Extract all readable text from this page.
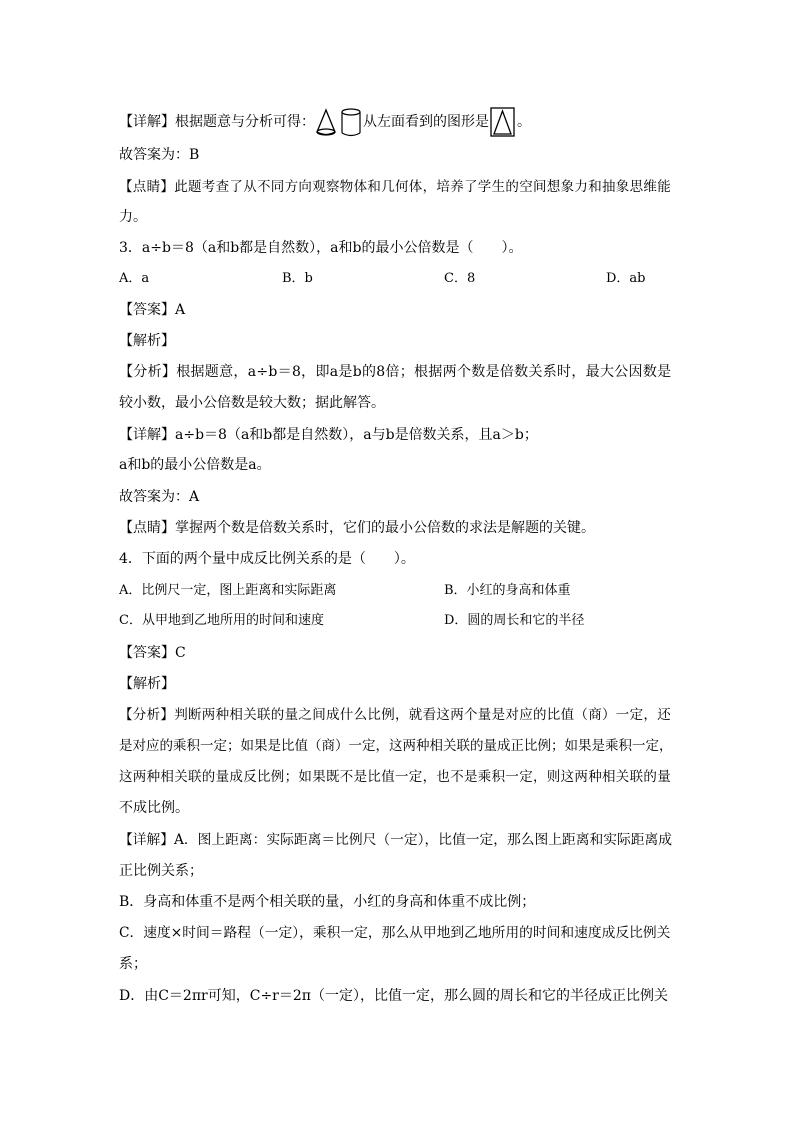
【详解】根据题意与分析可得：	从左面看到的图形是 。
故答案为：B
【点睛】此题考查了从不同方向观察物体和几何体，培养了学生的空间想象力和抽象思维能
力。
3．a÷b＝8（a和b都是自然数），a和b的最小公倍数是（　　）。
A．a	B．b	C．8	D．ab
【答案】A
【解析】
【分析】根据题意，a÷b＝8，即a是b的8倍；根据两个数是倍数关系时，最大公因数是
较小数，最小公倍数是较大数；据此解答。
【详解】a÷b＝8（a和b都是自然数），a与b是倍数关系，且a＞b；
a和b的最小公倍数是a。
故答案为：A
【点睛】掌握两个数是倍数关系时，它们的最小公倍数的求法是解题的关键。
4．下面的两个量中成反比例关系的是（　　）。
A．比例尺一定，图上距离和实际距离	B．小红的身高和体重
C．从甲地到乙地所用的时间和速度	D．圆的周长和它的半径
【答案】C
【解析】
【分析】判断两种相关联的量之间成什么比例，就看这两个量是对应的比值（商）一定，还
是对应的乘积一定；如果是比值（商）一定，这两种相关联的量成正比例；如果是乘积一定，
这两种相关联的量成反比例；如果既不是比值一定，也不是乘积一定，则这两种相关联的量
不成比例。
【详解】A．图上距离：实际距离＝比例尺（一定），比值一定，那么图上距离和实际距离成
正比例关系；
B．身高和体重不是两个相关联的量，小红的身高和体重不成比例；
C．速度×时间＝路程（一定），乘积一定，那么从甲地到乙地所用的时间和速度成反比例关
系；
D．由C＝2πr可知，C÷r＝2π（一定），比值一定，那么圆的周长和它的半径成正比例关
